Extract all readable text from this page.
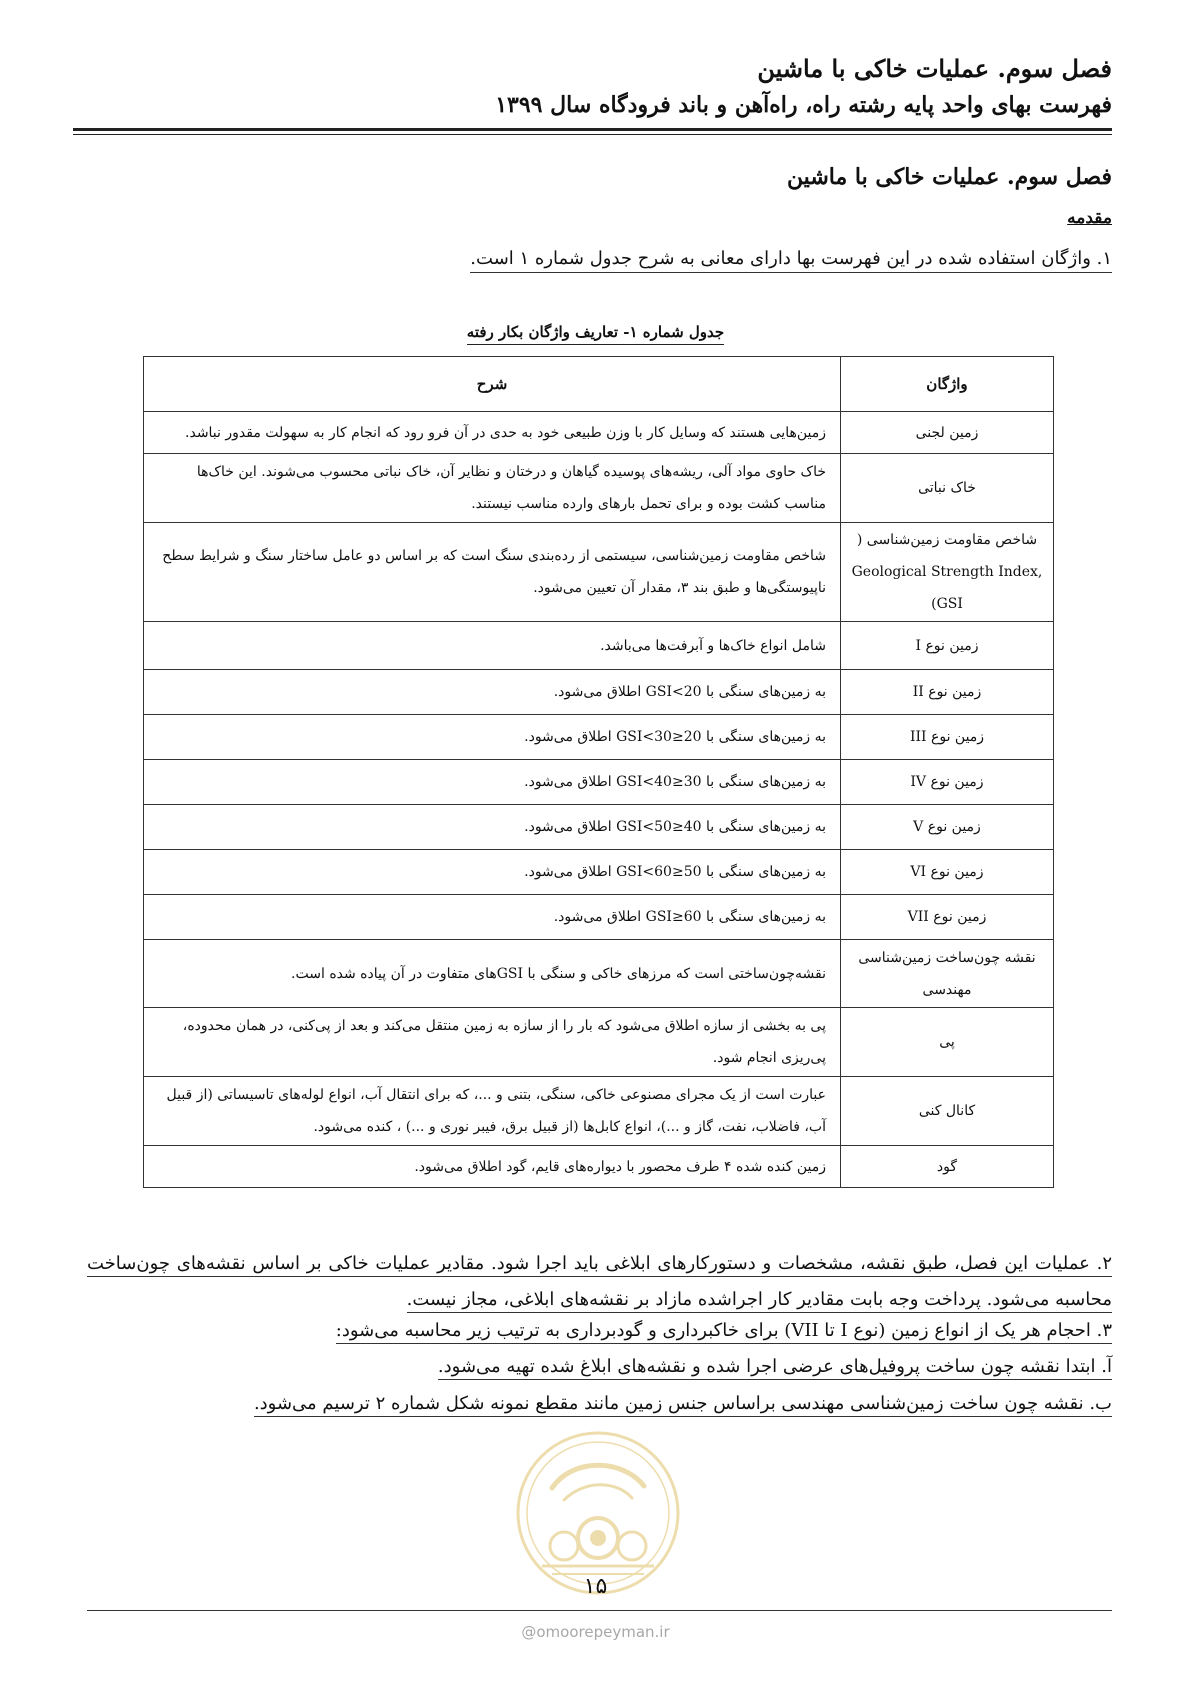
فصل سوم. عملیات خاکی با ماشین
فهرست بهای واحد پایه رشته راه، راه‌آهن و باند فرودگاه سال ۱۳۹۹
فصل سوم. عملیات خاکی با ماشین
مقدمه
۱. واژگان استفاده شده در این فهرست بها دارای معانی به شرح جدول شماره ۱ است.
جدول شماره ۱- تعاریف واژگان بکار رفته
واژگان	شرح
زمین لجنی	زمین‌هایی هستند که وسایل کار با وزن طبیعی خود به حدی در آن فرو رود که انجام کار به سهولت مقدور نباشد.
خاک نباتی	خاک حاوی مواد آلی، ریشه‌های پوسیده گیاهان و درختان و نظایر آن، خاک نباتی محسوب می‌شوند. این خاک‌ها مناسب کشت بوده و برای تحمل بارهای وارده مناسب نیستند.
شاخص مقاومت زمین‌شناسی ( Geological Strength Index, GSI)	شاخص مقاومت زمین‌شناسی، سیستمی از رده‌بندی سنگ است که بر اساس دو عامل ساختار سنگ و شرایط سطح ناپیوستگی‌ها و طبق بند ۳، مقدار آن تعیین می‌شود.
زمین نوع I	شامل انواع خاک‌ها و آبرفت‌ها می‌باشد.
زمین نوع II	به زمین‌های سنگی با GSI<20 اطلاق می‌شود.
زمین نوع III	به زمین‌های سنگی با 20≤GSI<30 اطلاق می‌شود.
زمین نوع IV	به زمین‌های سنگی با 30≤GSI<40 اطلاق می‌شود.
زمین نوع V	به زمین‌های سنگی با 40≤GSI<50 اطلاق می‌شود.
زمین نوع VI	به زمین‌های سنگی با 50≤GSI<60 اطلاق می‌شود.
زمین نوع VII	به زمین‌های سنگی با 60≤GSI اطلاق می‌شود.
نقشه چون‌ساخت زمین‌شناسی مهندسی	نقشه‌چون‌ساختی است که مرزهای خاکی و سنگی با GSIهای متفاوت در آن پیاده شده است.
پی	پی به بخشی از سازه اطلاق می‌شود که بار را از سازه به زمین منتقل می‌کند و بعد از پی‌کنی، در همان محدوده، پی‌ریزی انجام شود.
کانال کنی	عبارت است از یک مجرای مصنوعی خاکی، سنگی، بتنی و ...، که برای انتقال آب، انواع لوله‌های تاسیساتی (از قبیل آب، فاضلاب، نفت، گاز و ...)، انواع کابل‌ها (از قبیل برق، فیبر نوری و ...) ، کنده می‌شود.
گود	زمین کنده شده ۴ طرف محصور با دیواره‌های قایم، گود اطلاق می‌شود.
۲. عملیات این فصل، طبق نقشه، مشخصات و دستورکارهای ابلاغی باید اجرا شود. مقادیر عملیات خاکی بر اساس نقشه‌های چون‌ساخت محاسبه می‌شود. پرداخت وجه بابت مقادیر کار اجراشده مازاد بر نقشه‌های ابلاغی، مجاز نیست.
۳. احجام هر یک از انواع زمین (نوع I تا VII) برای خاکبرداری و گودبرداری به ترتیب زیر محاسبه می‌شود:
آ. ابتدا نقشه چون ساخت پروفیل‌های عرضی اجرا شده و نقشه‌های ابلاغ شده تهیه می‌شود.
ب. نقشه چون ساخت زمین‌شناسی مهندسی براساس جنس زمین مانند مقطع نمونه شکل شماره ۲ ترسیم می‌شود.
۱۵
@omoorepeyman.ir
